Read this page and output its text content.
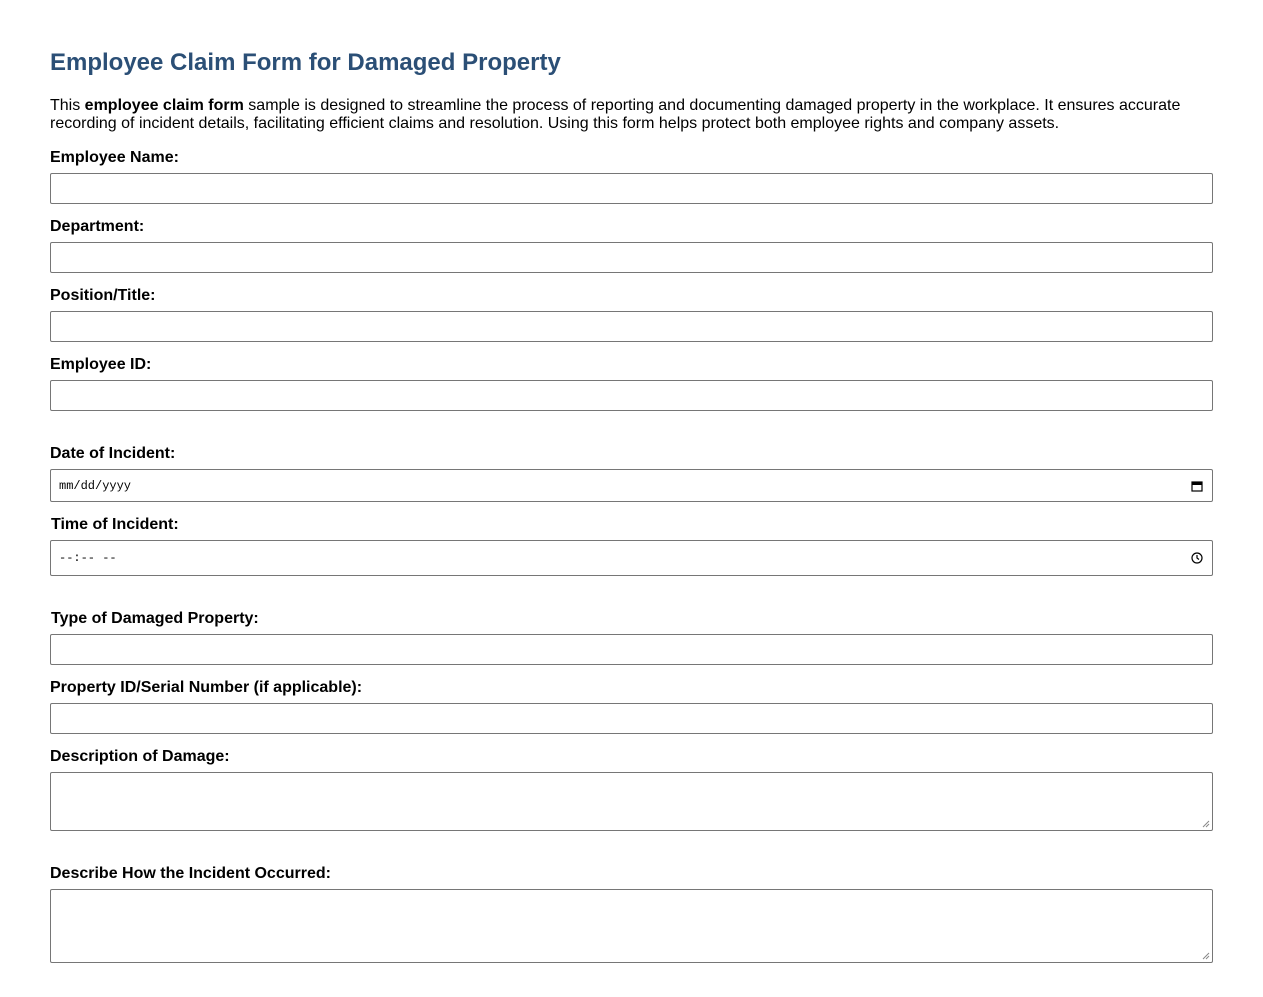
Employee Claim Form for Damaged Property

This employee claim form sample is designed to streamline the process of reporting and documenting damaged property in the workplace. It ensures accurate recording of incident details, facilitating efficient claims and resolution. Using this form helps protect both employee rights and company assets.

Employee Name:
Department:
Position/Title:
Employee ID:
Date of Incident:
mm/dd/yyyy
Time of Incident:
--:-- --
Type of Damaged Property:
Property ID/Serial Number (if applicable):
Description of Damage:
Describe How the Incident Occurred:
